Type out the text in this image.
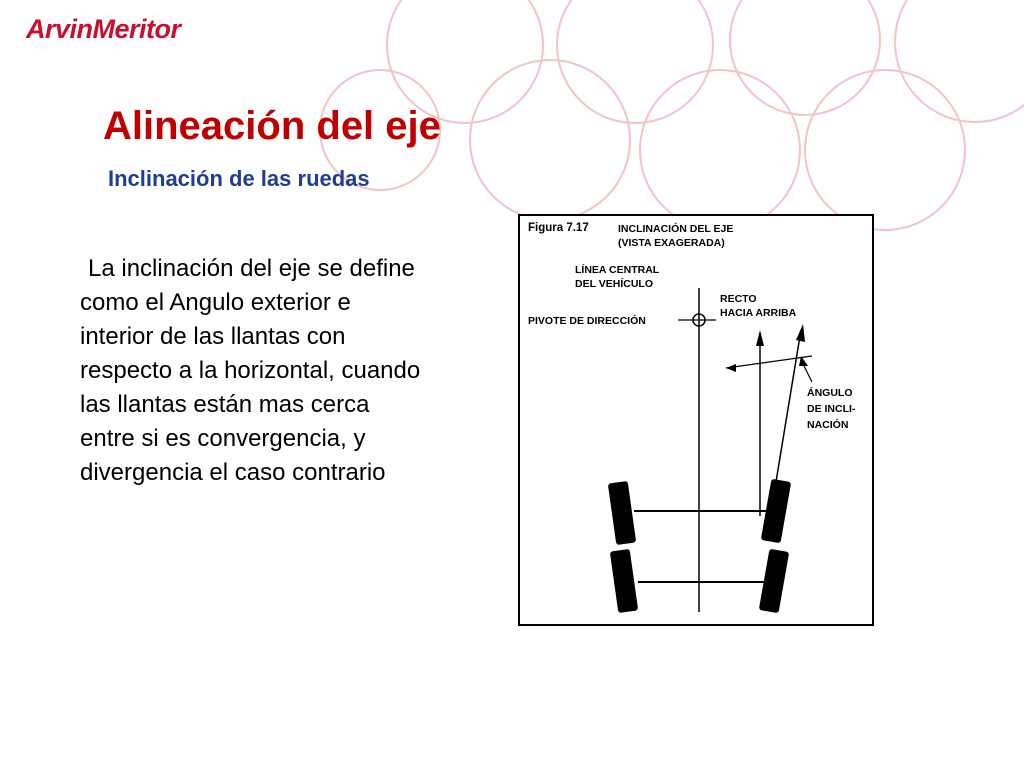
ArvinMeritor
Alineación del eje
Inclinación de las ruedas
La inclinación del eje se define como el Angulo exterior e interior de las llantas con respecto a la horizontal, cuando las llantas están mas cerca entre si es convergencia, y divergencia el caso contrario
Figura 7.17	INCLINACIÓN DEL EJE
(VISTA EXAGERADA)
LÍNEA CENTRAL
DEL VEHÍCULO
PIVOTE DE DIRECCIÓN
RECTO
HACIA ARRIBA
ÁNGULO
DE INCLI-
NACIÓN
